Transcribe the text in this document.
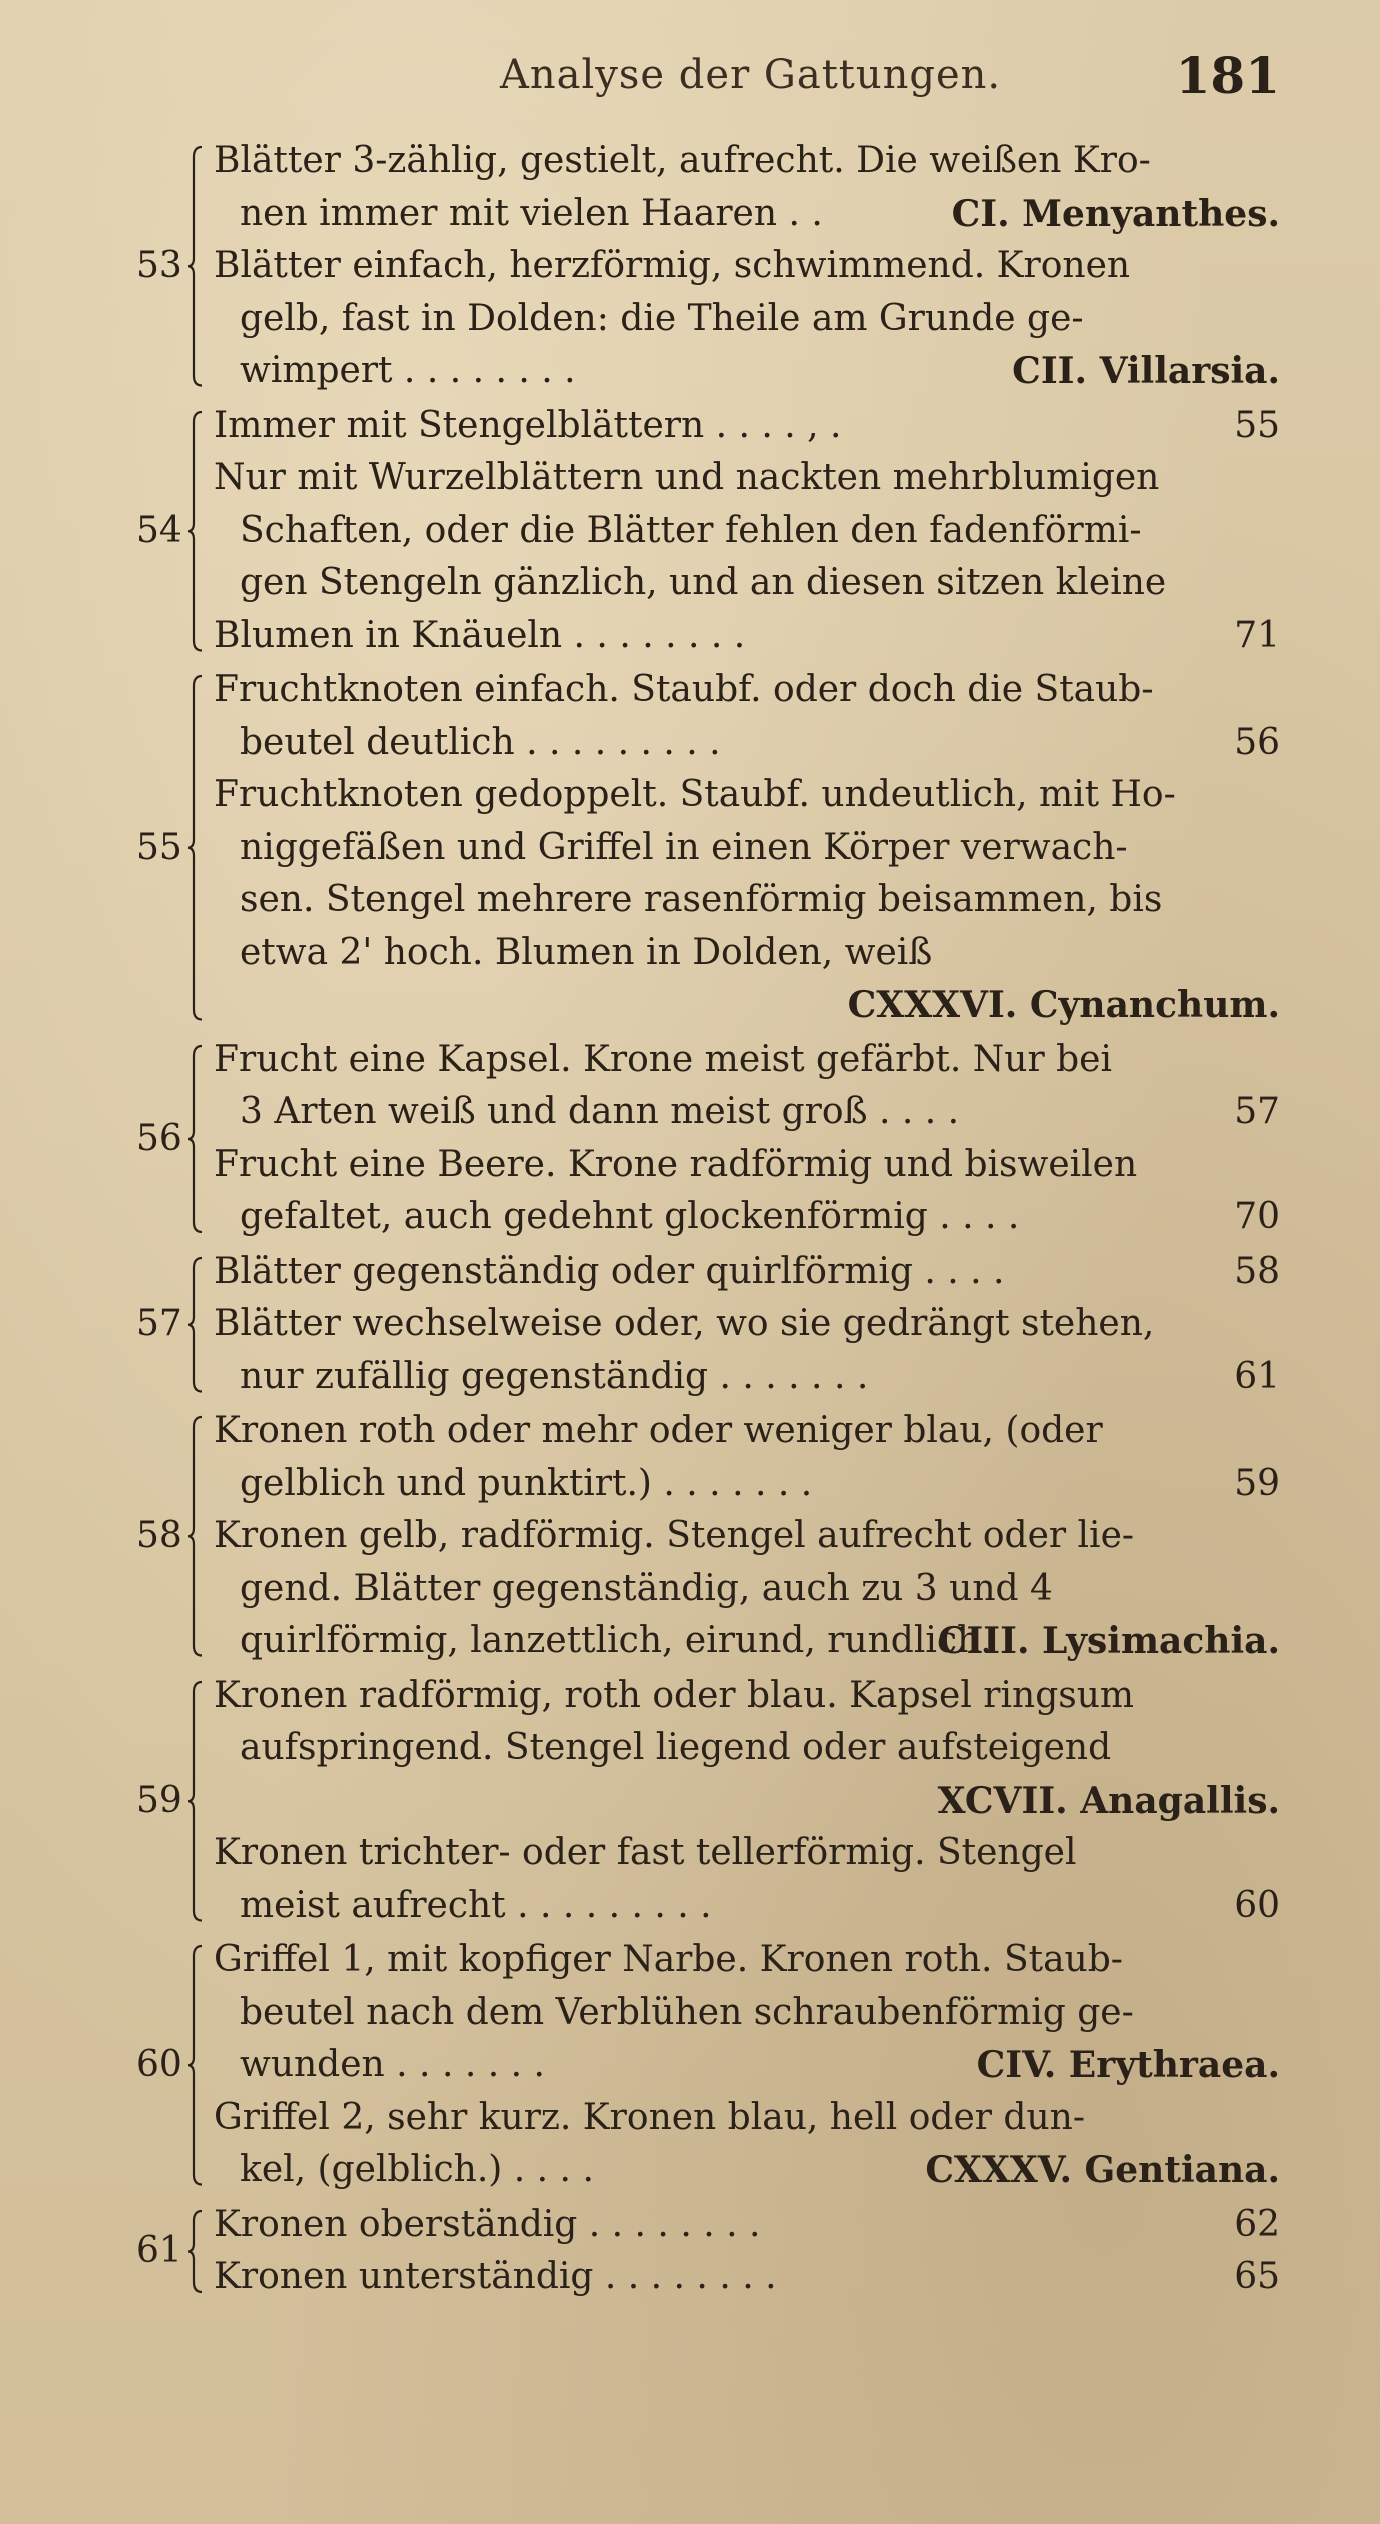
Analyse der Gattungen.	181
53
Blätter 3-zählig, gestielt, aufrecht. Die weißen Kro-
nen immer mit vielen Haaren . .	CI. Menyanthes.
Blätter einfach, herzförmig, schwimmend. Kronen
gelb, fast in Dolden: die Theile am Grunde ge-
wimpert . . . . . . . .	CII. Villarsia.
54
Immer mit Stengelblättern . . . . , .	55
Nur mit Wurzelblättern und nackten mehrblumigen
Schaften, oder die Blätter fehlen den fadenförmi-
gen Stengeln gänzlich, und an diesen sitzen kleine
Blumen in Knäueln . . . . . . . .	71
55
Fruchtknoten einfach. Staubf. oder doch die Staub-
beutel deutlich . . . . . . . . .	56
Fruchtknoten gedoppelt. Staubf. undeutlich, mit Ho-
niggefäßen und Griffel in einen Körper verwach-
sen. Stengel mehrere rasenförmig beisammen, bis
etwa 2' hoch. Blumen in Dolden, weiß
CXXXVI. Cynanchum.
56
Frucht eine Kapsel. Krone meist gefärbt. Nur bei
3 Arten weiß und dann meist groß . . . .	57
Frucht eine Beere. Krone radförmig und bisweilen
gefaltet, auch gedehnt glockenförmig . . . .	70
57
Blätter gegenständig oder quirlförmig . . . .	58
Blätter wechselweise oder, wo sie gedrängt stehen,
nur zufällig gegenständig . . . . . . .	61
58
Kronen roth oder mehr oder weniger blau, (oder
gelblich und punktirt.) . . . . . . .	59
Kronen gelb, radförmig. Stengel aufrecht oder lie-
gend. Blätter gegenständig, auch zu 3 und 4
quirlförmig, lanzettlich, eirund, rundlich.
CIII. Lysimachia.
59
Kronen radförmig, roth oder blau. Kapsel ringsum
aufspringend. Stengel liegend oder aufsteigend
XCVII. Anagallis.
Kronen trichter- oder fast tellerförmig. Stengel
meist aufrecht . . . . . . . . .	60
60
Griffel 1, mit kopfiger Narbe. Kronen roth. Staub-
beutel nach dem Verblühen schraubenförmig ge-
wunden . . . . . . .	CIV. Erythraea.
Griffel 2, sehr kurz. Kronen blau, hell oder dun-
kel, (gelblich.) . . . .	CXXXV. Gentiana.
61
Kronen oberständig . . . . . . . .	62
Kronen unterständig . . . . . . . .	65
